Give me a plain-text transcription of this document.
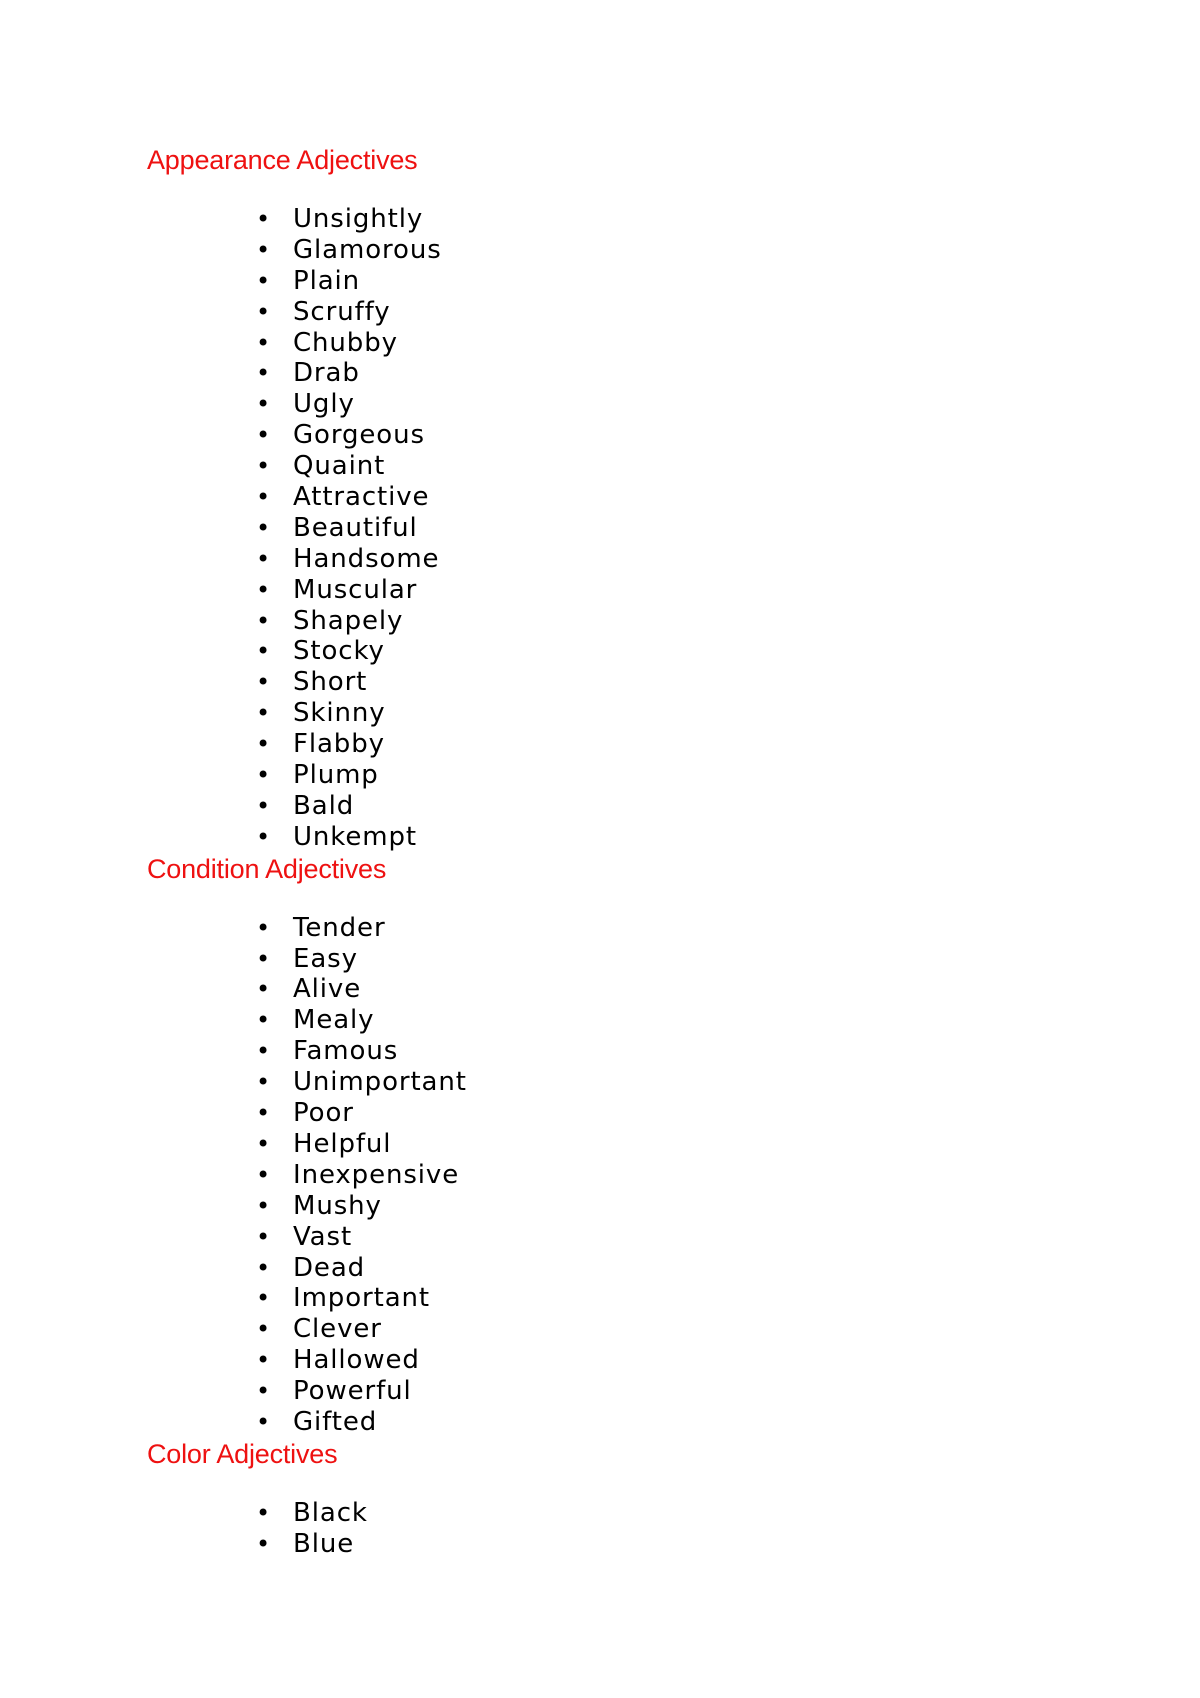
Appearance Adjectives
• Unsightly
• Glamorous
• Plain
• Scruffy
• Chubby
• Drab
• Ugly
• Gorgeous
• Quaint
• Attractive
• Beautiful
• Handsome
• Muscular
• Shapely
• Stocky
• Short
• Skinny
• Flabby
• Plump
• Bald
• Unkempt
Condition Adjectives
• Tender
• Easy
• Alive
• Mealy
• Famous
• Unimportant
• Poor
• Helpful
• Inexpensive
• Mushy
• Vast
• Dead
• Important
• Clever
• Hallowed
• Powerful
• Gifted
Color Adjectives
• Black
• Blue
